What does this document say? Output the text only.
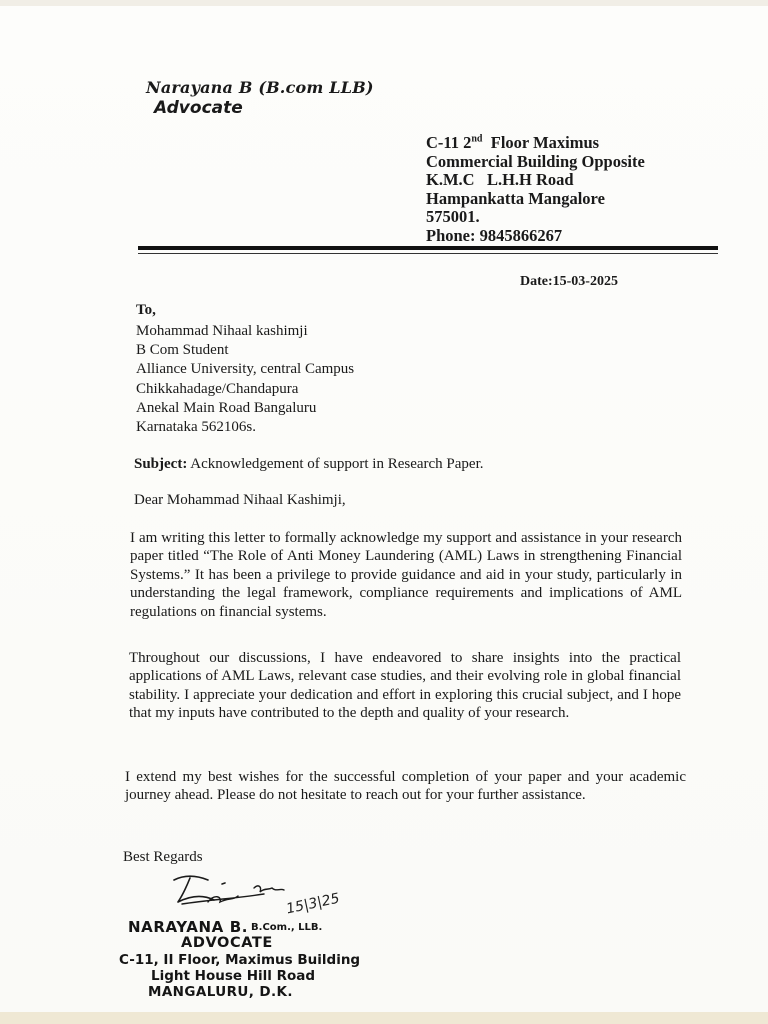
Narayana B (B.com LLB)
Advocate
C-11 2nd  Floor Maximus
Commercial Building Opposite
K.M.C   L.H.H Road
Hampankatta Mangalore
575001.
Phone: 9845866267
Date:15-03-2025
To,
Mohammad Nihaal kashimji
B Com Student
Alliance University, central Campus
Chikkahadage/Chandapura
Anekal Main Road Bangaluru
Karnataka 562106s.
Subject: Acknowledgement of support in Research Paper.
Dear Mohammad Nihaal Kashimji,
I am writing this letter to formally acknowledge my support and assistance in your research paper titled “The Role of Anti Money Laundering (AML) Laws in strengthening Financial Systems.” It has been a privilege to provide guidance and aid in your study, particularly in understanding the legal framework, compliance requirements and implications of AML regulations on financial systems.
Throughout our discussions, I have endeavored to share insights into the practical applications of AML Laws, relevant case studies, and their evolving role in global financial stability. I appreciate your dedication and effort in exploring this crucial subject, and I hope that my inputs have contributed to the depth and quality of your research.
I extend my best wishes for the successful completion of your paper and your academic journey ahead. Please do not hesitate to reach out for your further assistance.
Best Regards
15|3|25
NARAYANA B. B.Com., LLB.
ADVOCATE
C-11, II Floor, Maximus Building
Light House Hill Road
MANGALURU, D.K.
